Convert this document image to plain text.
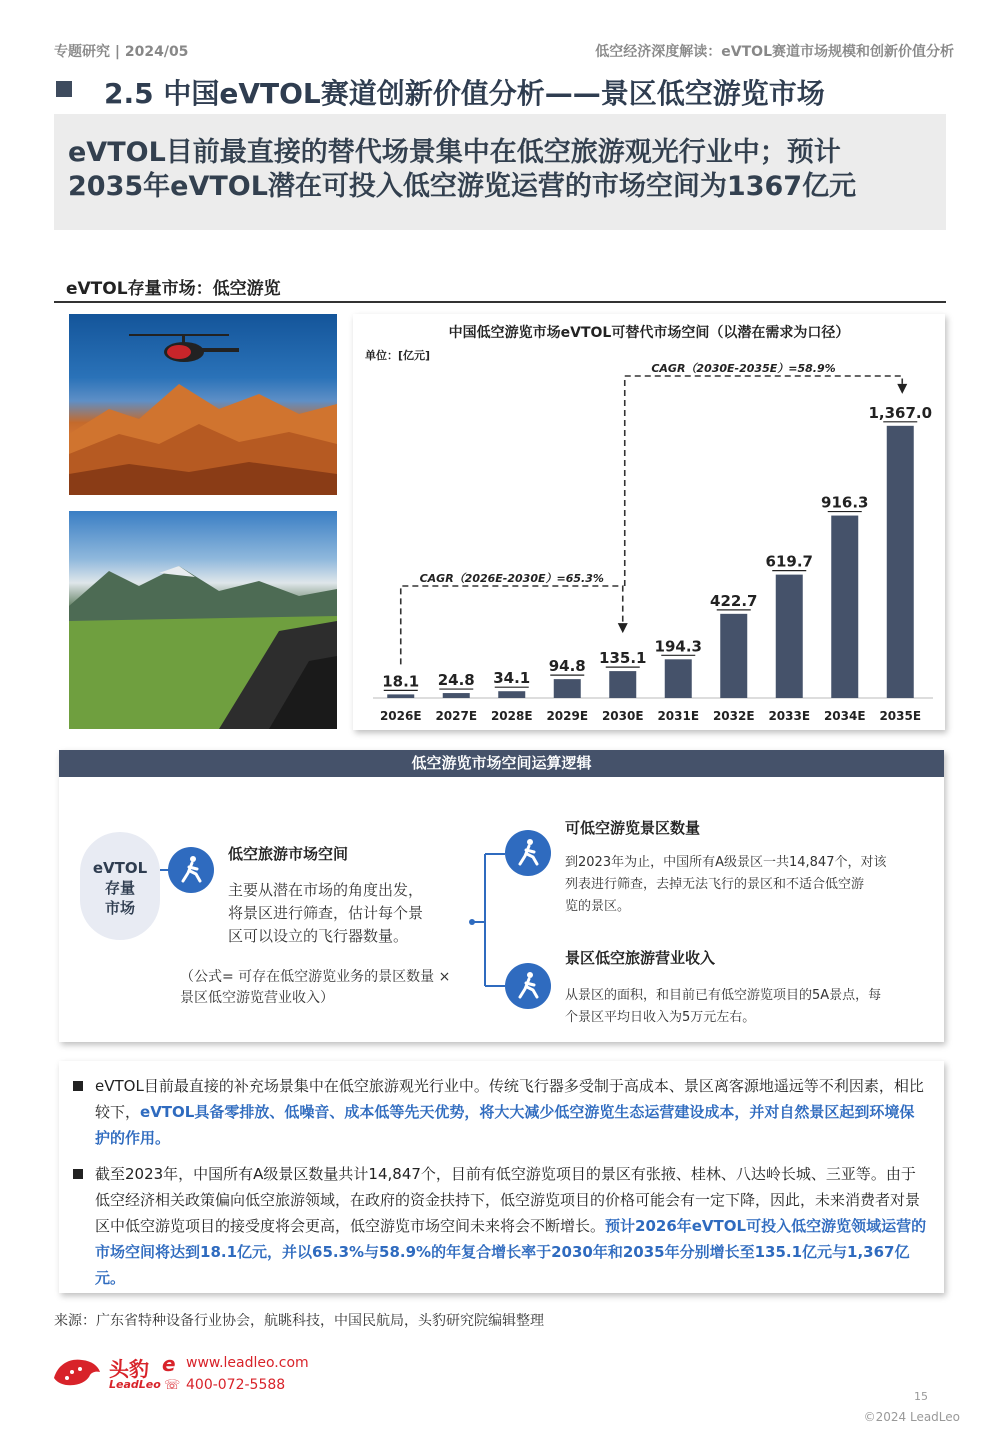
专题研究 | 2024/05	低空经济深度解读：eVTOL赛道市场规模和创新价值分析
2.5 中国eVTOL赛道创新价值分析——景区低空游览市场
eVTOL目前最直接的替代场景集中在低空旅游观光行业中；预计
2035年eVTOL潜在可投入低空游览运营的市场空间为1367亿元
eVTOL存量市场：低空游览
中国低空游览市场eVTOL可替代市场空间（以潜在需求为口径）
单位：[亿元]
18.1
2026E
24.8
2027E
34.1
2028E
94.8
2029E
135.1
2030E
194.3
2031E
422.7
2032E
619.7
2033E
916.3
2034E
1,367.0
2035E
CAGR（2026E-2030E）=65.3%
CAGR（2030E-2035E）=58.9%
低空游览市场空间运算逻辑
eVTOL
存量
市场
低空旅游市场空间
主要从潜在市场的角度出发，
将景区进行筛查，估计每个景
区可以设立的飞行器数量。
（公式= 可存在低空游览业务的景区数量 ×
景区低空游览营业收入）
可低空游览景区数量
到2023年为止，中国所有A级景区一共14,847个，对该
列表进行筛查，去掉无法飞行的景区和不适合低空游
览的景区。
景区低空旅游营业收入
从景区的面积，和目前已有低空游览项目的5A景点，每
个景区平均日收入为5万元左右。
eVTOL目前最直接的补充场景集中在低空旅游观光行业中。传统飞行器多受制于高成本、景区离客源地遥远等不利因素，相比较下，eVTOL具备零排放、低噪音、成本低等先天优势，将大大减少低空游览生态运营建设成本，并对自然景区起到环境保护的作用。
截至2023年，中国所有A级景区数量共计14,847个，目前有低空游览项目的景区有张掖、桂林、八达岭长城、三亚等。由于低空经济相关政策偏向低空旅游领域，在政府的资金扶持下，低空游览项目的价格可能会有一定下降，因此，未来消费者对景区中低空游览项目的接受度将会更高，低空游览市场空间未来将会不断增长。预计2026年eVTOL可投入低空游览领域运营的市场空间将达到18.1亿元，并以65.3%与58.9%的年复合增长率于2030年和2035年分别增长至135.1亿元与1,367亿元。
来源：广东省特种设备行业协会，航眺科技，中国民航局，头豹研究院编辑整理
头豹
LeadLeo
e www.leadleo.com
☏ 400-072-5588
15
©2024 LeadLeo
